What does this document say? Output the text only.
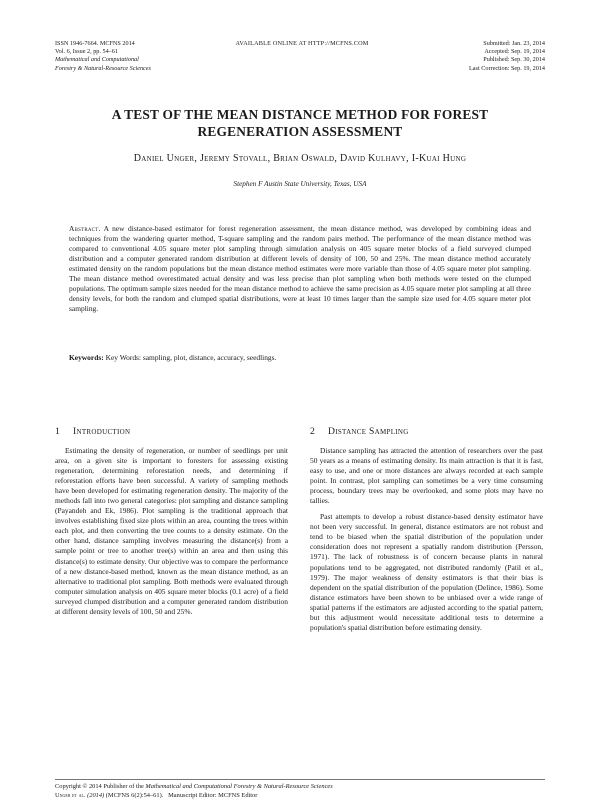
ISSN 1946-7664. MCFNS 2014
Vol. 6, Issue 2, pp. 54–61
Mathematical and Computational
Forestry & Natural-Resource Sciences
AVAILABLE ONLINE AT HTTP://MCFNS.COM	Submitted: Jan. 23, 2014
Accepted: Sep. 19, 2014
Published: Sep. 30, 2014
Last Correction: Sep. 19, 2014
A TEST OF THE MEAN DISTANCE METHOD FOR FOREST
REGENERATION ASSESSMENT
Daniel Unger, Jeremy Stovall, Brian Oswald, David Kulhavy, I-Kuai Hung
Stephen F Austin State University, Texas, USA
Abstract. A new distance-based estimator for forest regeneration assessment, the mean distance method, was developed by combining ideas and techniques from the wandering quarter method, T-square sampling and the random pairs method. The performance of the mean distance method was compared to conventional 4.05 square meter plot sampling through simulation analysis on 405 square meter blocks of a field surveyed clumped distribution and a computer generated random distribution at different levels of density of 100, 50 and 25%. The mean distance method accurately estimated density on the random populations but the mean distance method estimates were more variable than those of 4.05 square meter plot sampling. The mean distance method overestimated actual density and was less precise than plot sampling when both methods were tested on the clumped populations. The optimum sample sizes needed for the mean distance method to achieve the same precision as 4.05 square meter plot sampling at all three density levels, for both the random and clumped spatial distributions, were at least 10 times larger than the sample size used for 4.05 square meter plot sampling.
Keywords: Key Words: sampling, plot, distance, accuracy, seedlings.
1 Introduction

Estimating the density of regeneration, or number of seedlings per unit area, on a given site is important to foresters for assessing existing regeneration, determining reforestation needs, and determining if reforestation efforts have been successful. A variety of sampling methods have been developed for estimating regeneration density. The majority of the methods fall into two general categories: plot sampling and distance sampling (Payandeh and Ek, 1986). Plot sampling is the traditional approach that involves establishing fixed size plots within an area, counting the trees within each plot, and then converting the tree counts to a density estimate. On the other hand, distance sampling involves measuring the distance(s) from a sample point or tree to another tree(s) within an area and then using this distance(s) to estimate density. Our objective was to compare the performance of a new distance-based method, known as the mean distance method, as an alternative to traditional plot sampling. Both methods were evaluated through computer simulation analysis on 405 square meter blocks (0.1 acre) of a field surveyed clumped distribution and a computer generated random distribution at different density levels of 100, 50 and 25%.

2 Distance Sampling

Distance sampling has attracted the attention of researchers over the past 50 years as a means of estimating density. Its main attraction is that it is fast, easy to use, and one or more distances are always recorded at each sample point. In contrast, plot sampling can sometimes be a very time consuming process, boundary trees may be overlooked, and some plots may have no tallies.

Past attempts to develop a robust distance-based density estimator have not been very successful. In general, distance estimators are not robust and tend to be biased when the spatial distribution of the population under consideration does not represent a spatially random distribution (Persson, 1971). The lack of robustness is of concern because plants in natural populations tend to be aggregated, not distributed randomly (Patil et al., 1979). The major weakness of density estimators is that their bias is dependent on the spatial distribution of the population (Delince, 1986). Some distance estimators have been shown to be unbiased over a wide range of spatial patterns if the estimators are adjusted according to the spatial pattern, but this adjustment would necessitate additional tests to determine a population's spatial distribution before estimating density.

Copyright © 2014 Publisher of the Mathematical and Computational Forestry & Natural-Resource Sciences
Unger et al. (2014) (MCFNS 6(2):54–61). Manuscript Editor: MCFNS Editor
